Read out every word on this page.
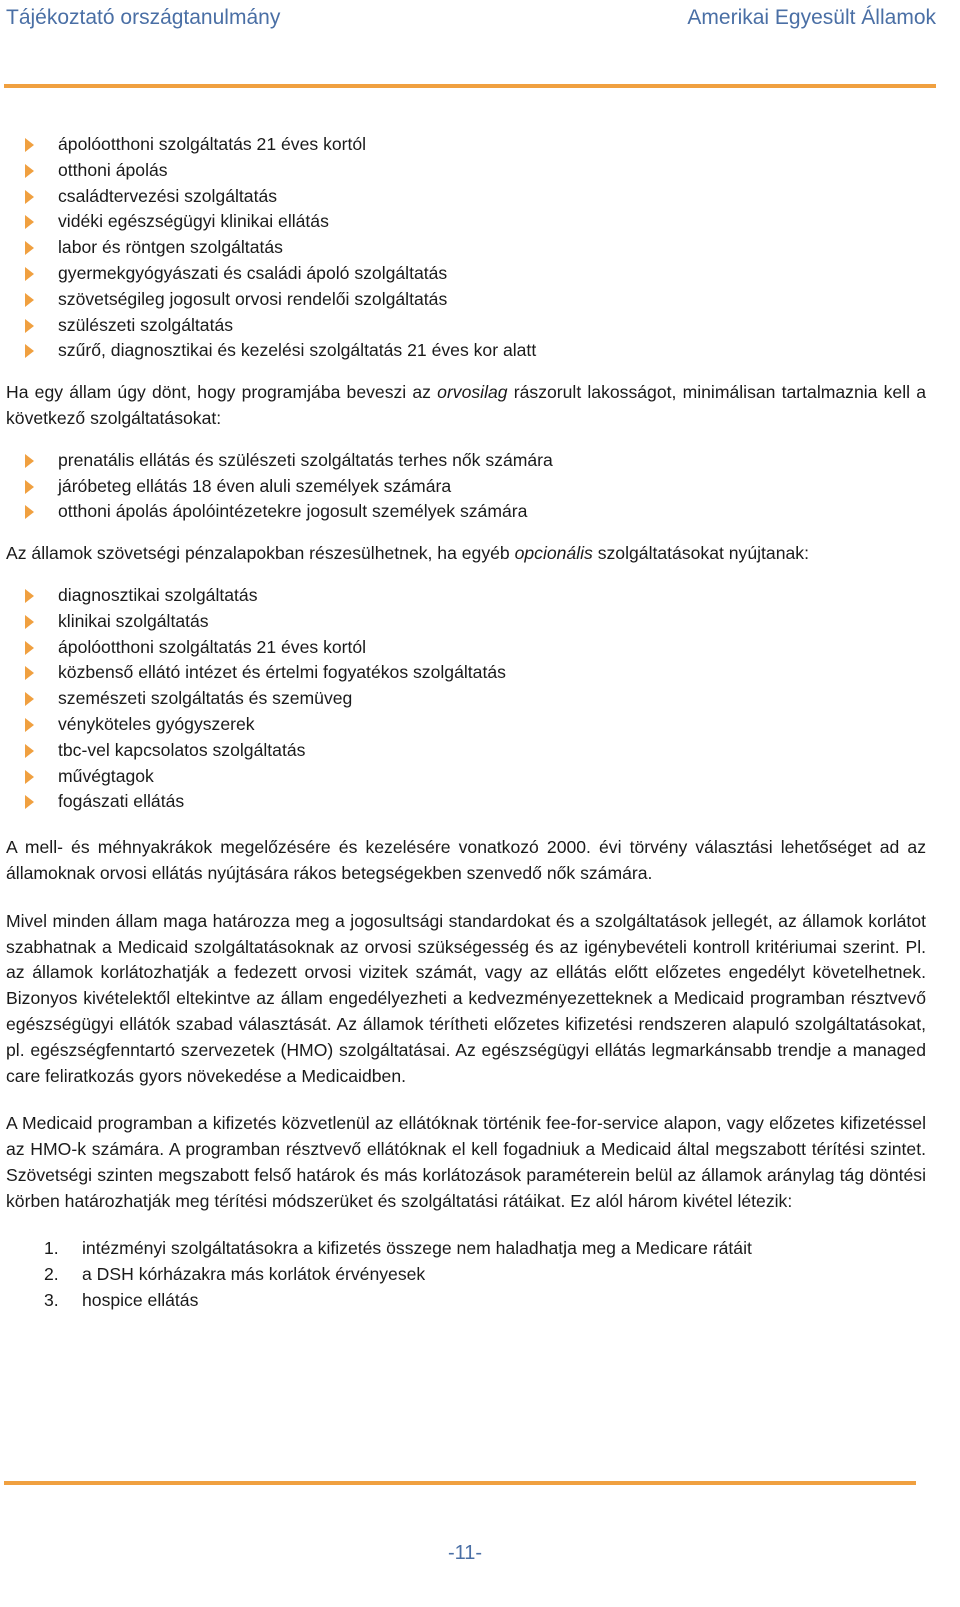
Tájékoztató országtanulmány	Amerikai Egyesült Államok
ápolóotthoni szolgáltatás 21 éves kortól
otthoni ápolás
családtervezési szolgáltatás
vidéki egészségügyi klinikai ellátás
labor és röntgen szolgáltatás
gyermekgyógyászati és családi ápoló szolgáltatás
szövetségileg jogosult orvosi rendelői szolgáltatás
szülészeti szolgáltatás
szűrő, diagnosztikai és kezelési szolgáltatás 21 éves kor alatt

Ha egy állam úgy dönt, hogy programjába beveszi az orvosilag rászorult lakosságot, minimálisan tartalmaznia kell a következő szolgáltatásokat:

prenatális ellátás és szülészeti szolgáltatás terhes nők számára
járóbeteg ellátás 18 éven aluli személyek számára
otthoni ápolás ápolóintézetekre jogosult személyek számára

Az államok szövetségi pénzalapokban részesülhetnek, ha egyéb opcionális szolgáltatásokat nyújtanak:

diagnosztikai szolgáltatás
klinikai szolgáltatás
ápolóotthoni szolgáltatás 21 éves kortól
közbenső ellátó intézet és értelmi fogyatékos szolgáltatás
szemészeti szolgáltatás és szemüveg
vényköteles gyógyszerek
tbc-vel kapcsolatos szolgáltatás
művégtagok
fogászati ellátás

A mell- és méhnyakrákok megelőzésére és kezelésére vonatkozó 2000. évi törvény választási lehetőséget ad az államoknak orvosi ellátás nyújtására rákos betegségekben szenvedő nők számára.

Mivel minden állam maga határozza meg a jogosultsági standardokat és a szolgáltatások jellegét, az államok korlátot szabhatnak a Medicaid szolgáltatásoknak az orvosi szükségesség és az igénybevételi kontroll kritériumai szerint. Pl. az államok korlátozhatják a fedezett orvosi vizitek számát, vagy az ellátás előtt előzetes engedélyt követelhetnek. Bizonyos kivételektől eltekintve az állam engedélyezheti a kedvezményezetteknek a Medicaid programban résztvevő egészségügyi ellátók szabad választását. Az államok térítheti előzetes kifizetési rendszeren alapuló szolgáltatásokat, pl. egészségfenntartó szervezetek (HMO) szolgáltatásai. Az egészségügyi ellátás legmarkánsabb trendje a managed care feliratkozás gyors növekedése a Medicaidben.

A Medicaid programban a kifizetés közvetlenül az ellátóknak történik fee-for-service alapon, vagy előzetes kifizetéssel az HMO-k számára. A programban résztvevő ellátóknak el kell fogadniuk a Medicaid által megszabott térítési szintet. Szövetségi szinten megszabott felső határok és más korlátozások paraméterein belül az államok aránylag tág döntési körben határozhatják meg térítési módszerüket és szolgáltatási rátáikat. Ez alól három kivétel létezik:

1. intézményi szolgáltatásokra a kifizetés összege nem haladhatja meg a Medicare rátáit
2. a DSH kórházakra más korlátok érvényesek
3. hospice ellátás
-11-
